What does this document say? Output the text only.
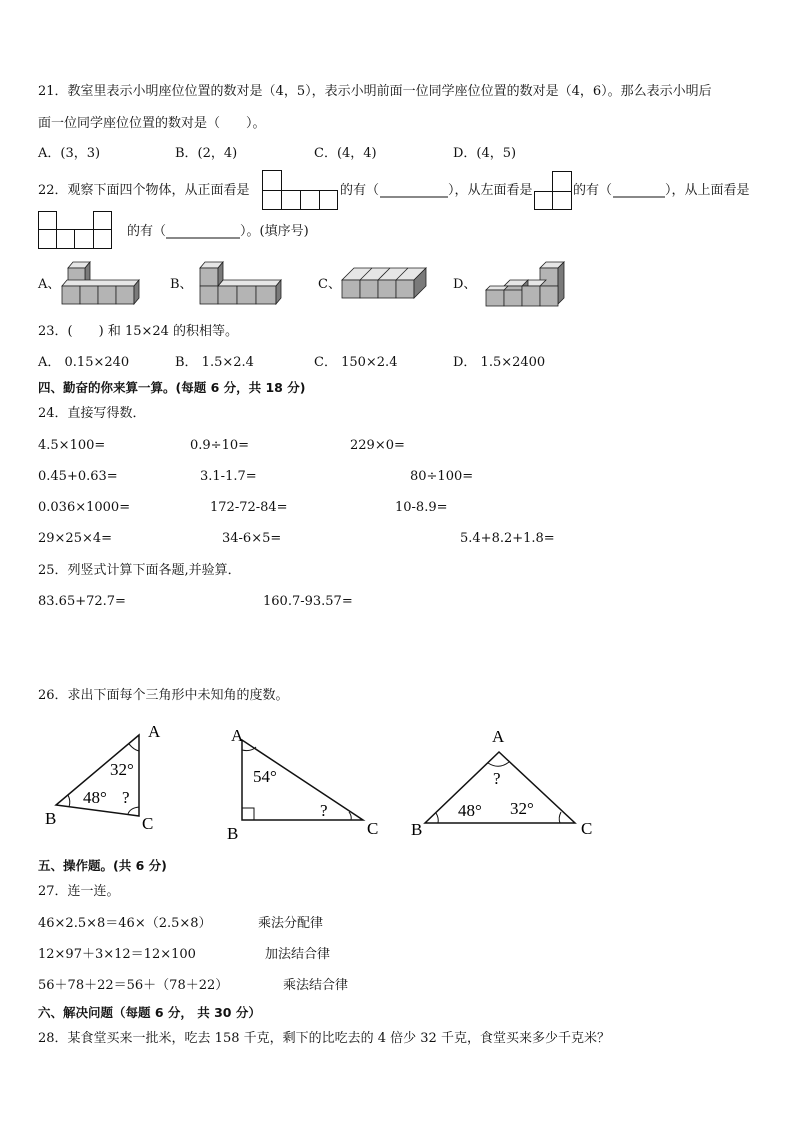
21．教室里表示小明座位位置的数对是（4，5），表示小明前面一位同学座位位置的数对是（4，6）。那么表示小明后
面一位同学座位位置的数对是（　　）。
A．(3，3)	B．(2，4)	C．(4，4)	D．(4，5)
22．观察下面四个物体，从正面看是	的有（	），从左面看是	的有（	），从上面看是
的有（	）。(填序号)
A、	B、	C、	D、
23．(　　) 和 15×24 的积相等。
A． 0.15×240	B． 1.5×2.4	C． 150×2.4	D． 1.5×2400
四、勤奋的你来算一算。(每题 6 分，共 18 分)
24．直接写得数．
4.5×100=	0.9÷10=	229×0=
0.45+0.63=	3.1-1.7=	80÷100=
0.036×1000=	172-72-84=	10-8.9=
29×25×4=	34-6×5=	5.4+8.2+1.8=
25．列竖式计算下面各题,并验算．
83.65+72.7=	160.7-93.57=
26．求出下面每个三角形中未知角的度数。
A
B	C
32°
48° ?
A
B	C
54°
?
A
B	C
?
48° 32°
五、操作题。(共 6 分)
27．连一连。
46×2.5×8＝46×（2.5×8）	乘法分配律
12×97＋3×12＝12×100	加法结合律
56＋78＋22＝56＋（78＋22）	乘法结合律
六、解决问题（每题 6 分， 共 30 分）
28．某食堂买来一批米，吃去 158 千克，剩下的比吃去的 4 倍少 32 千克，食堂买来多少千克米？
